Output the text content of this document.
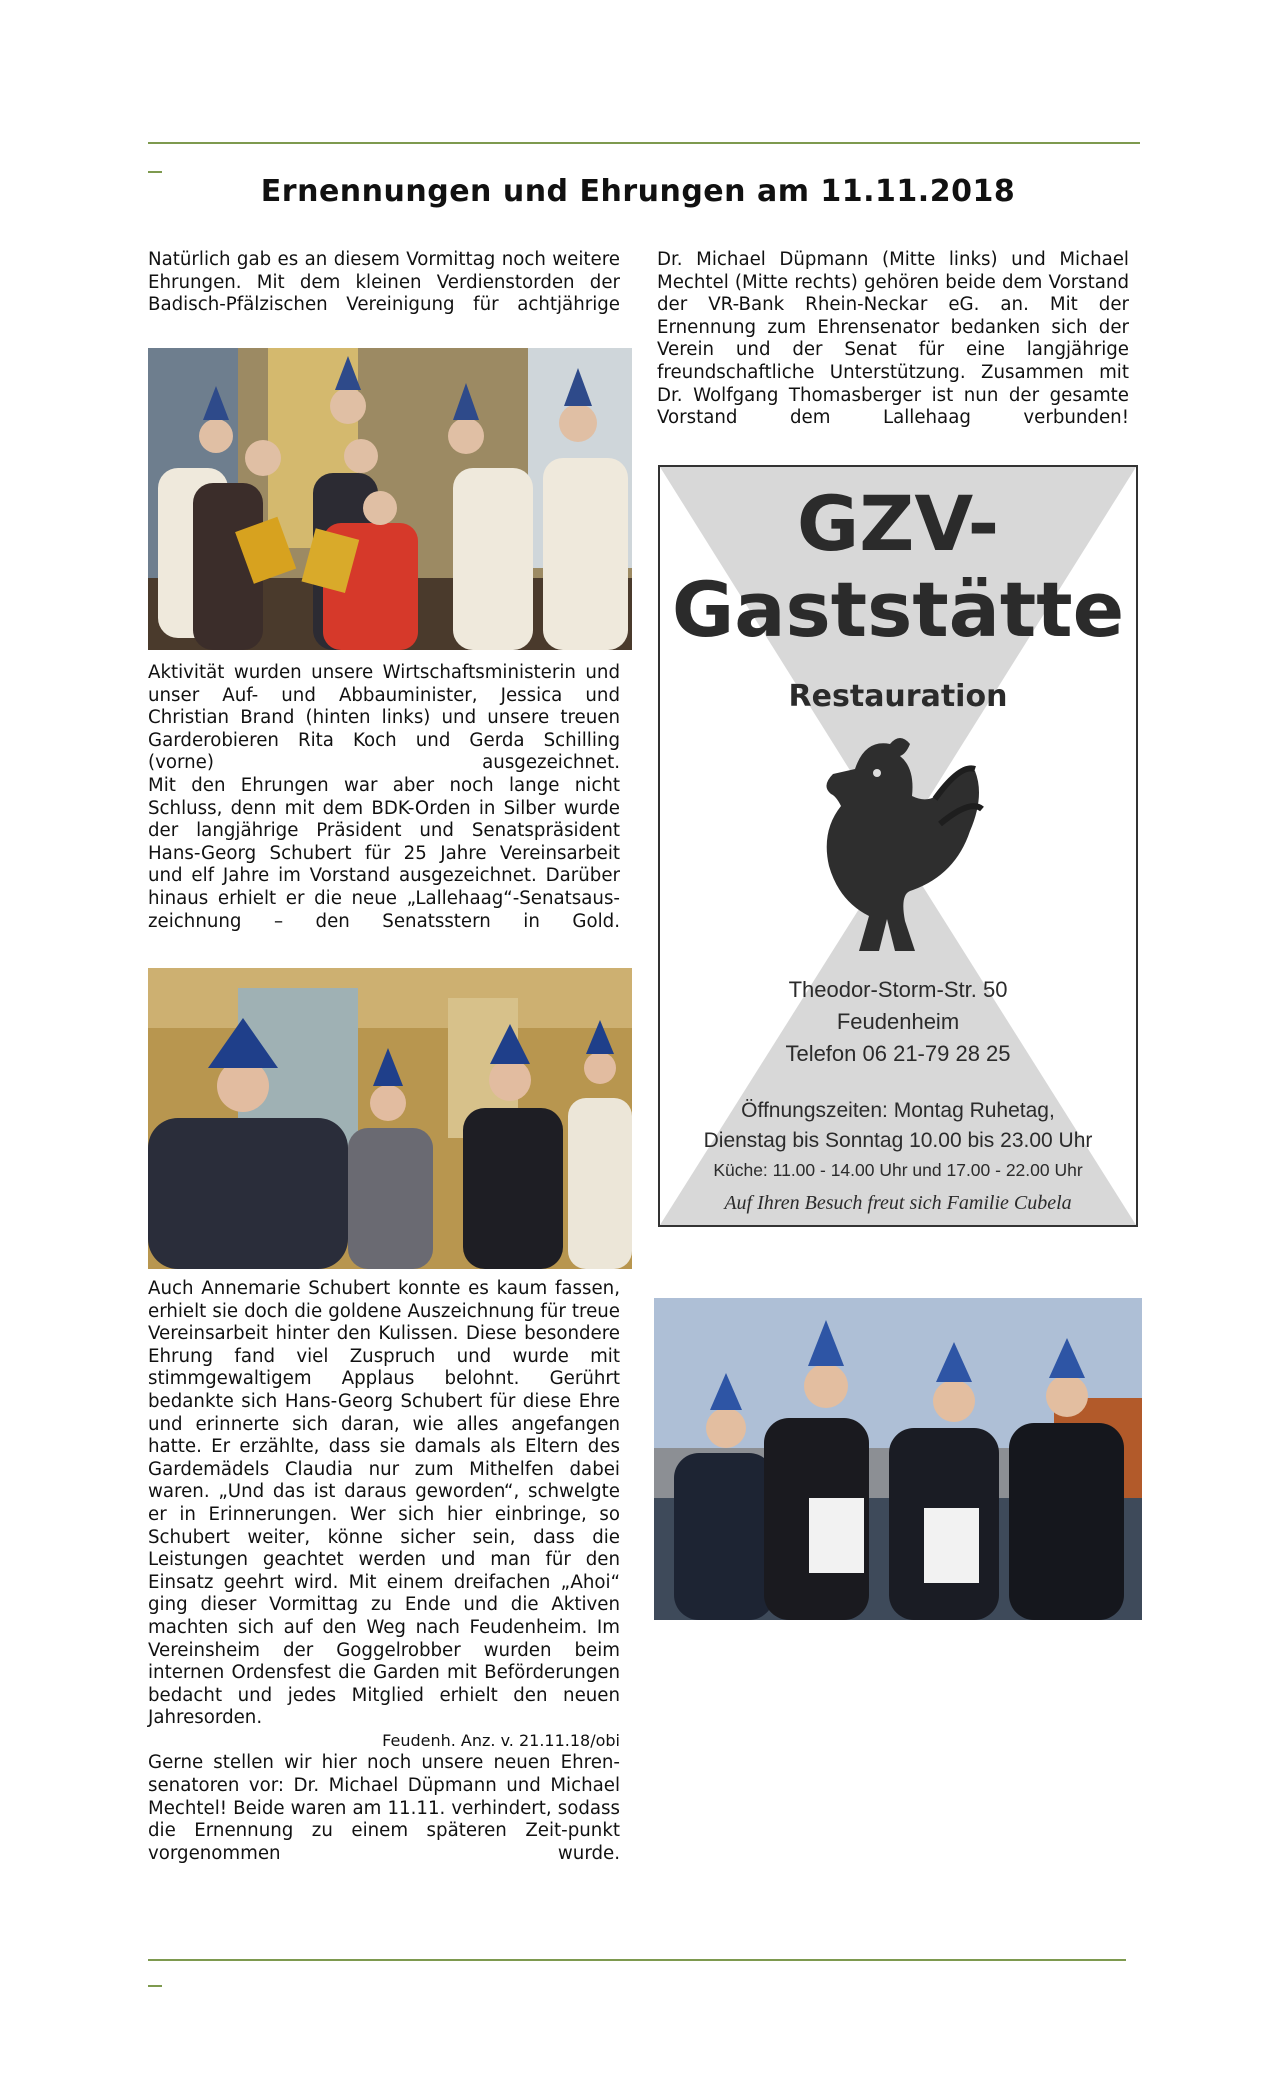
Ernennungen und Ehrungen am 11.11.2018

Natürlich gab es an diesem Vormittag noch weitere Ehrungen. Mit dem kleinen Verdienstorden der Badisch-Pfälzischen Vereinigung für achtjährige

Aktivität wurden unsere Wirtschaftsministerin und unser Auf- und Abbauminister, Jessica und Christian Brand (hinten links) und unsere treuen Garderobieren Rita Koch und Gerda Schilling (vorne) ausgezeichnet.

Mit den Ehrungen war aber noch lange nicht Schluss, denn mit dem BDK-Orden in Silber wurde der langjährige Präsident und Senatspräsident Hans-Georg Schubert für 25 Jahre Vereinsarbeit und elf Jahre im Vorstand ausgezeichnet. Darüber hinaus erhielt er die neue „Lallehaag“-Senatsaus-zeichnung – den Senatsstern in Gold.

Auch Annemarie Schubert konnte es kaum fassen, erhielt sie doch die goldene Auszeichnung für treue Vereinsarbeit hinter den Kulissen. Diese besondere Ehrung fand viel Zuspruch und wurde mit stimmgewaltigem Applaus belohnt. Gerührt bedankte sich Hans-Georg Schubert für diese Ehre und erinnerte sich daran, wie alles angefangen hatte. Er erzählte, dass sie damals als Eltern des Gardemädels Claudia nur zum Mithelfen dabei waren. „Und das ist daraus geworden“, schwelgte er in Erinnerungen. Wer sich hier einbringe, so Schubert weiter, könne sicher sein, dass die Leistungen geachtet werden und man für den Einsatz geehrt wird. Mit einem dreifachen „Ahoi“ ging dieser Vormittag zu Ende und die Aktiven machten sich auf den Weg nach Feudenheim. Im Vereinsheim der Goggelrobber wurden beim internen Ordensfest die Garden mit Beförderungen bedacht und jedes Mitglied erhielt den neuen Jahresorden.

Feudenh. Anz. v. 21.11.18/obi

Gerne stellen wir hier noch unsere neuen Ehren-senatoren vor: Dr. Michael Düpmann und Michael Mechtel! Beide waren am 11.11. verhindert, sodass die Ernennung zu einem späteren Zeit-punkt vorgenommen wurde.

Dr. Michael Düpmann (Mitte links) und Michael Mechtel (Mitte rechts) gehören beide dem Vorstand der VR-Bank Rhein-Neckar eG. an. Mit der Ernennung zum Ehrensenator bedanken sich der Verein und der Senat für eine langjährige freundschaftliche Unterstützung. Zusammen mit Dr. Wolfgang Thomasberger ist nun der gesamte Vorstand dem Lallehaag verbunden!

GZV-
Gaststätte
Restauration
Theodor-Storm-Str. 50
Feudenheim
Telefon 06 21-79 28 25
Öffnungszeiten: Montag Ruhetag,
Dienstag bis Sonntag 10.00 bis 23.00 Uhr
Küche: 11.00 - 14.00 Uhr und 17.00 - 22.00 Uhr
Auf Ihren Besuch freut sich Familie Cubela
